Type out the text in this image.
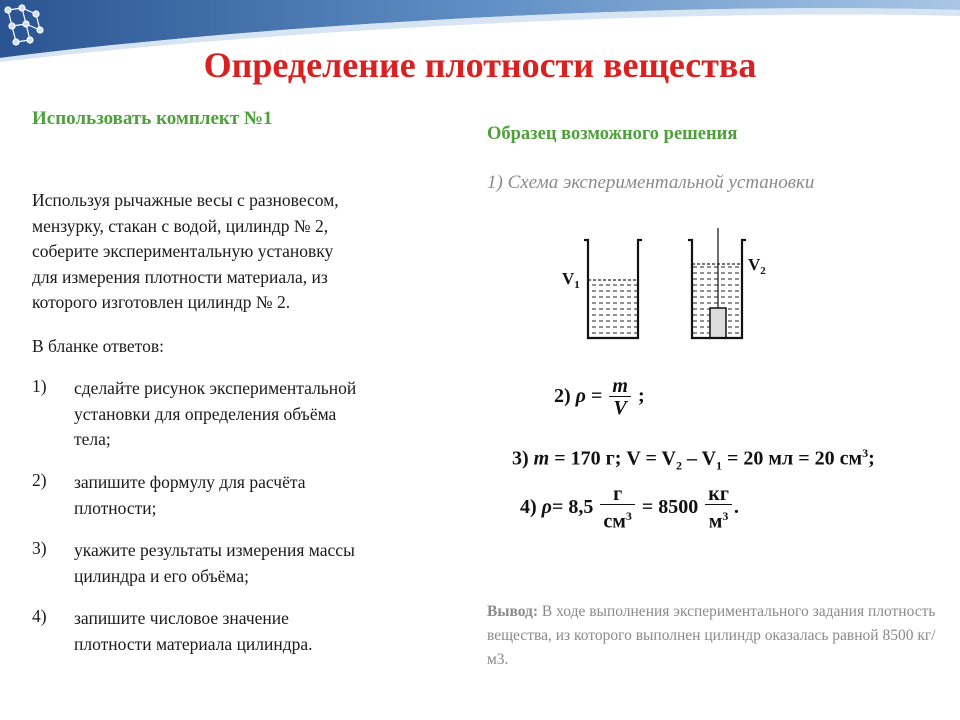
Определение плотности вещества
Использовать комплект №1
Используя рычажные весы с разновесом,
мензурку, стакан с водой, цилиндр № 2,
соберите экспериментальную установку
для измерения плотности материала, из
которого изготовлен цилиндр № 2.
В бланке ответов:
1) сделайте рисунок экспериментальной
установки для определения объёма
тела;
2) запишите формулу для расчёта
плотности;
3) укажите результаты измерения массы
цилиндра и его объёма;
4) запишите числовое значение
плотности материала цилиндра.
Образец возможного решения
1) Схема экспериментальной установки
$V_1$
$V_2$
2) $\rho = \frac{m}{V}$ ;
3) m = 170 г; $V = V_2 - V_1 = 20$ мл = 20 $см^3$;
4) $\rho= 8,5 \frac{г}{см^3} = 8500 \frac{кг}{м^3}$ .
Вывод: В ходе выполнения экспериментального задания плотность вещества, из которого выполнен цилиндр оказалась равной 8500 кг/м3.
